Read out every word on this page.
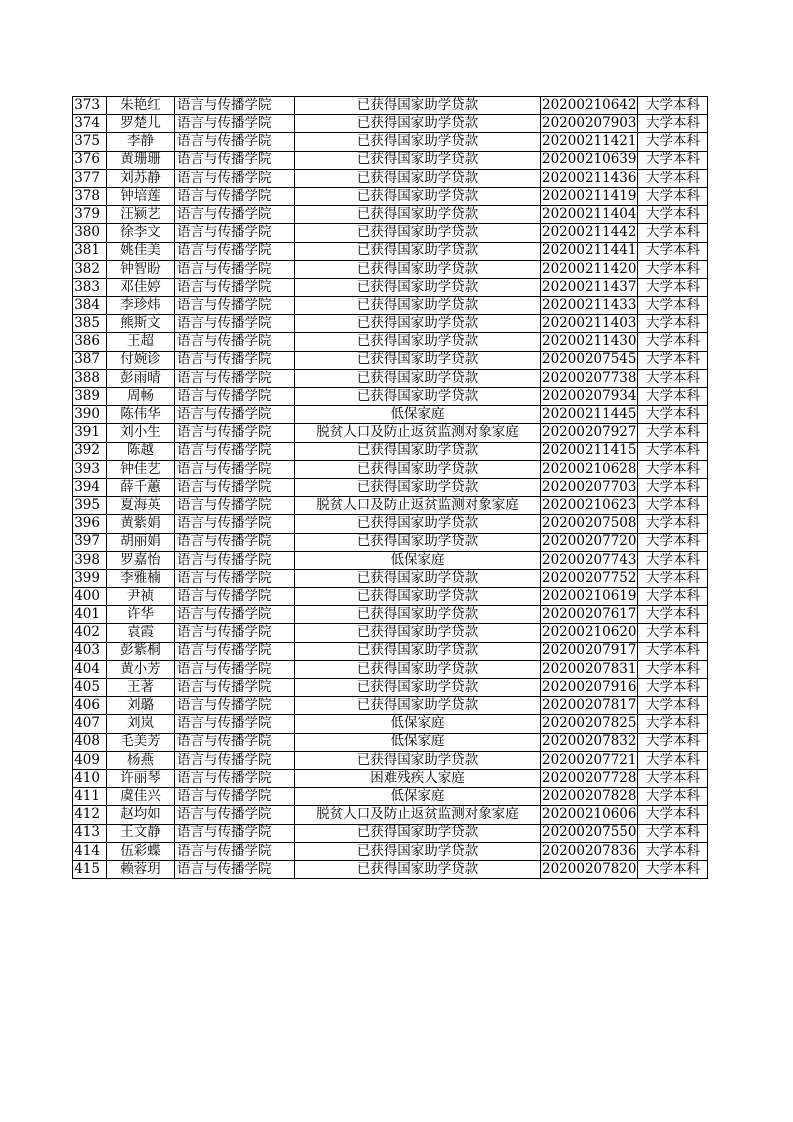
373	朱艳红	语言与传播学院	已获得国家助学贷款	20200210642	大学本科
374	罗楚儿	语言与传播学院	已获得国家助学贷款	20200207903	大学本科
375	李静	语言与传播学院	已获得国家助学贷款	20200211421	大学本科
376	黄珊珊	语言与传播学院	已获得国家助学贷款	20200210639	大学本科
377	刘苏静	语言与传播学院	已获得国家助学贷款	20200211436	大学本科
378	钟培莲	语言与传播学院	已获得国家助学贷款	20200211419	大学本科
379	汪颍艺	语言与传播学院	已获得国家助学贷款	20200211404	大学本科
380	徐李文	语言与传播学院	已获得国家助学贷款	20200211442	大学本科
381	姚佳美	语言与传播学院	已获得国家助学贷款	20200211441	大学本科
382	钟智盼	语言与传播学院	已获得国家助学贷款	20200211420	大学本科
383	邓佳婷	语言与传播学院	已获得国家助学贷款	20200211437	大学本科
384	李珍炜	语言与传播学院	已获得国家助学贷款	20200211433	大学本科
385	熊斯文	语言与传播学院	已获得国家助学贷款	20200211403	大学本科
386	王超	语言与传播学院	已获得国家助学贷款	20200211430	大学本科
387	付婉诊	语言与传播学院	已获得国家助学贷款	20200207545	大学本科
388	彭雨晴	语言与传播学院	已获得国家助学贷款	20200207738	大学本科
389	周畅	语言与传播学院	已获得国家助学贷款	20200207934	大学本科
390	陈伟华	语言与传播学院	低保家庭	20200211445	大学本科
391	刘小生	语言与传播学院	脱贫人口及防止返贫监测对象家庭	20200207927	大学本科
392	陈越	语言与传播学院	已获得国家助学贷款	20200211415	大学本科
393	钟佳艺	语言与传播学院	已获得国家助学贷款	20200210628	大学本科
394	薛千蕙	语言与传播学院	已获得国家助学贷款	20200207703	大学本科
395	夏海英	语言与传播学院	脱贫人口及防止返贫监测对象家庭	20200210623	大学本科
396	黄紫娟	语言与传播学院	已获得国家助学贷款	20200207508	大学本科
397	胡丽娟	语言与传播学院	已获得国家助学贷款	20200207720	大学本科
398	罗嘉怡	语言与传播学院	低保家庭	20200207743	大学本科
399	李雅楠	语言与传播学院	已获得国家助学贷款	20200207752	大学本科
400	尹祯	语言与传播学院	已获得国家助学贷款	20200210619	大学本科
401	许华	语言与传播学院	已获得国家助学贷款	20200207617	大学本科
402	袁霞	语言与传播学院	已获得国家助学贷款	20200210620	大学本科
403	彭紫桐	语言与传播学院	已获得国家助学贷款	20200207917	大学本科
404	黄小芳	语言与传播学院	已获得国家助学贷款	20200207831	大学本科
405	王著	语言与传播学院	已获得国家助学贷款	20200207916	大学本科
406	刘璐	语言与传播学院	已获得国家助学贷款	20200207817	大学本科
407	刘岚	语言与传播学院	低保家庭	20200207825	大学本科
408	毛美芳	语言与传播学院	低保家庭	20200207832	大学本科
409	杨燕	语言与传播学院	已获得国家助学贷款	20200207721	大学本科
410	许丽琴	语言与传播学院	困难残疾人家庭	20200207728	大学本科
411	虞佳兴	语言与传播学院	低保家庭	20200207828	大学本科
412	赵均如	语言与传播学院	脱贫人口及防止返贫监测对象家庭	20200210606	大学本科
413	王文静	语言与传播学院	已获得国家助学贷款	20200207550	大学本科
414	伍彩蝶	语言与传播学院	已获得国家助学贷款	20200207836	大学本科
415	赖蓉玥	语言与传播学院	已获得国家助学贷款	20200207820	大学本科
